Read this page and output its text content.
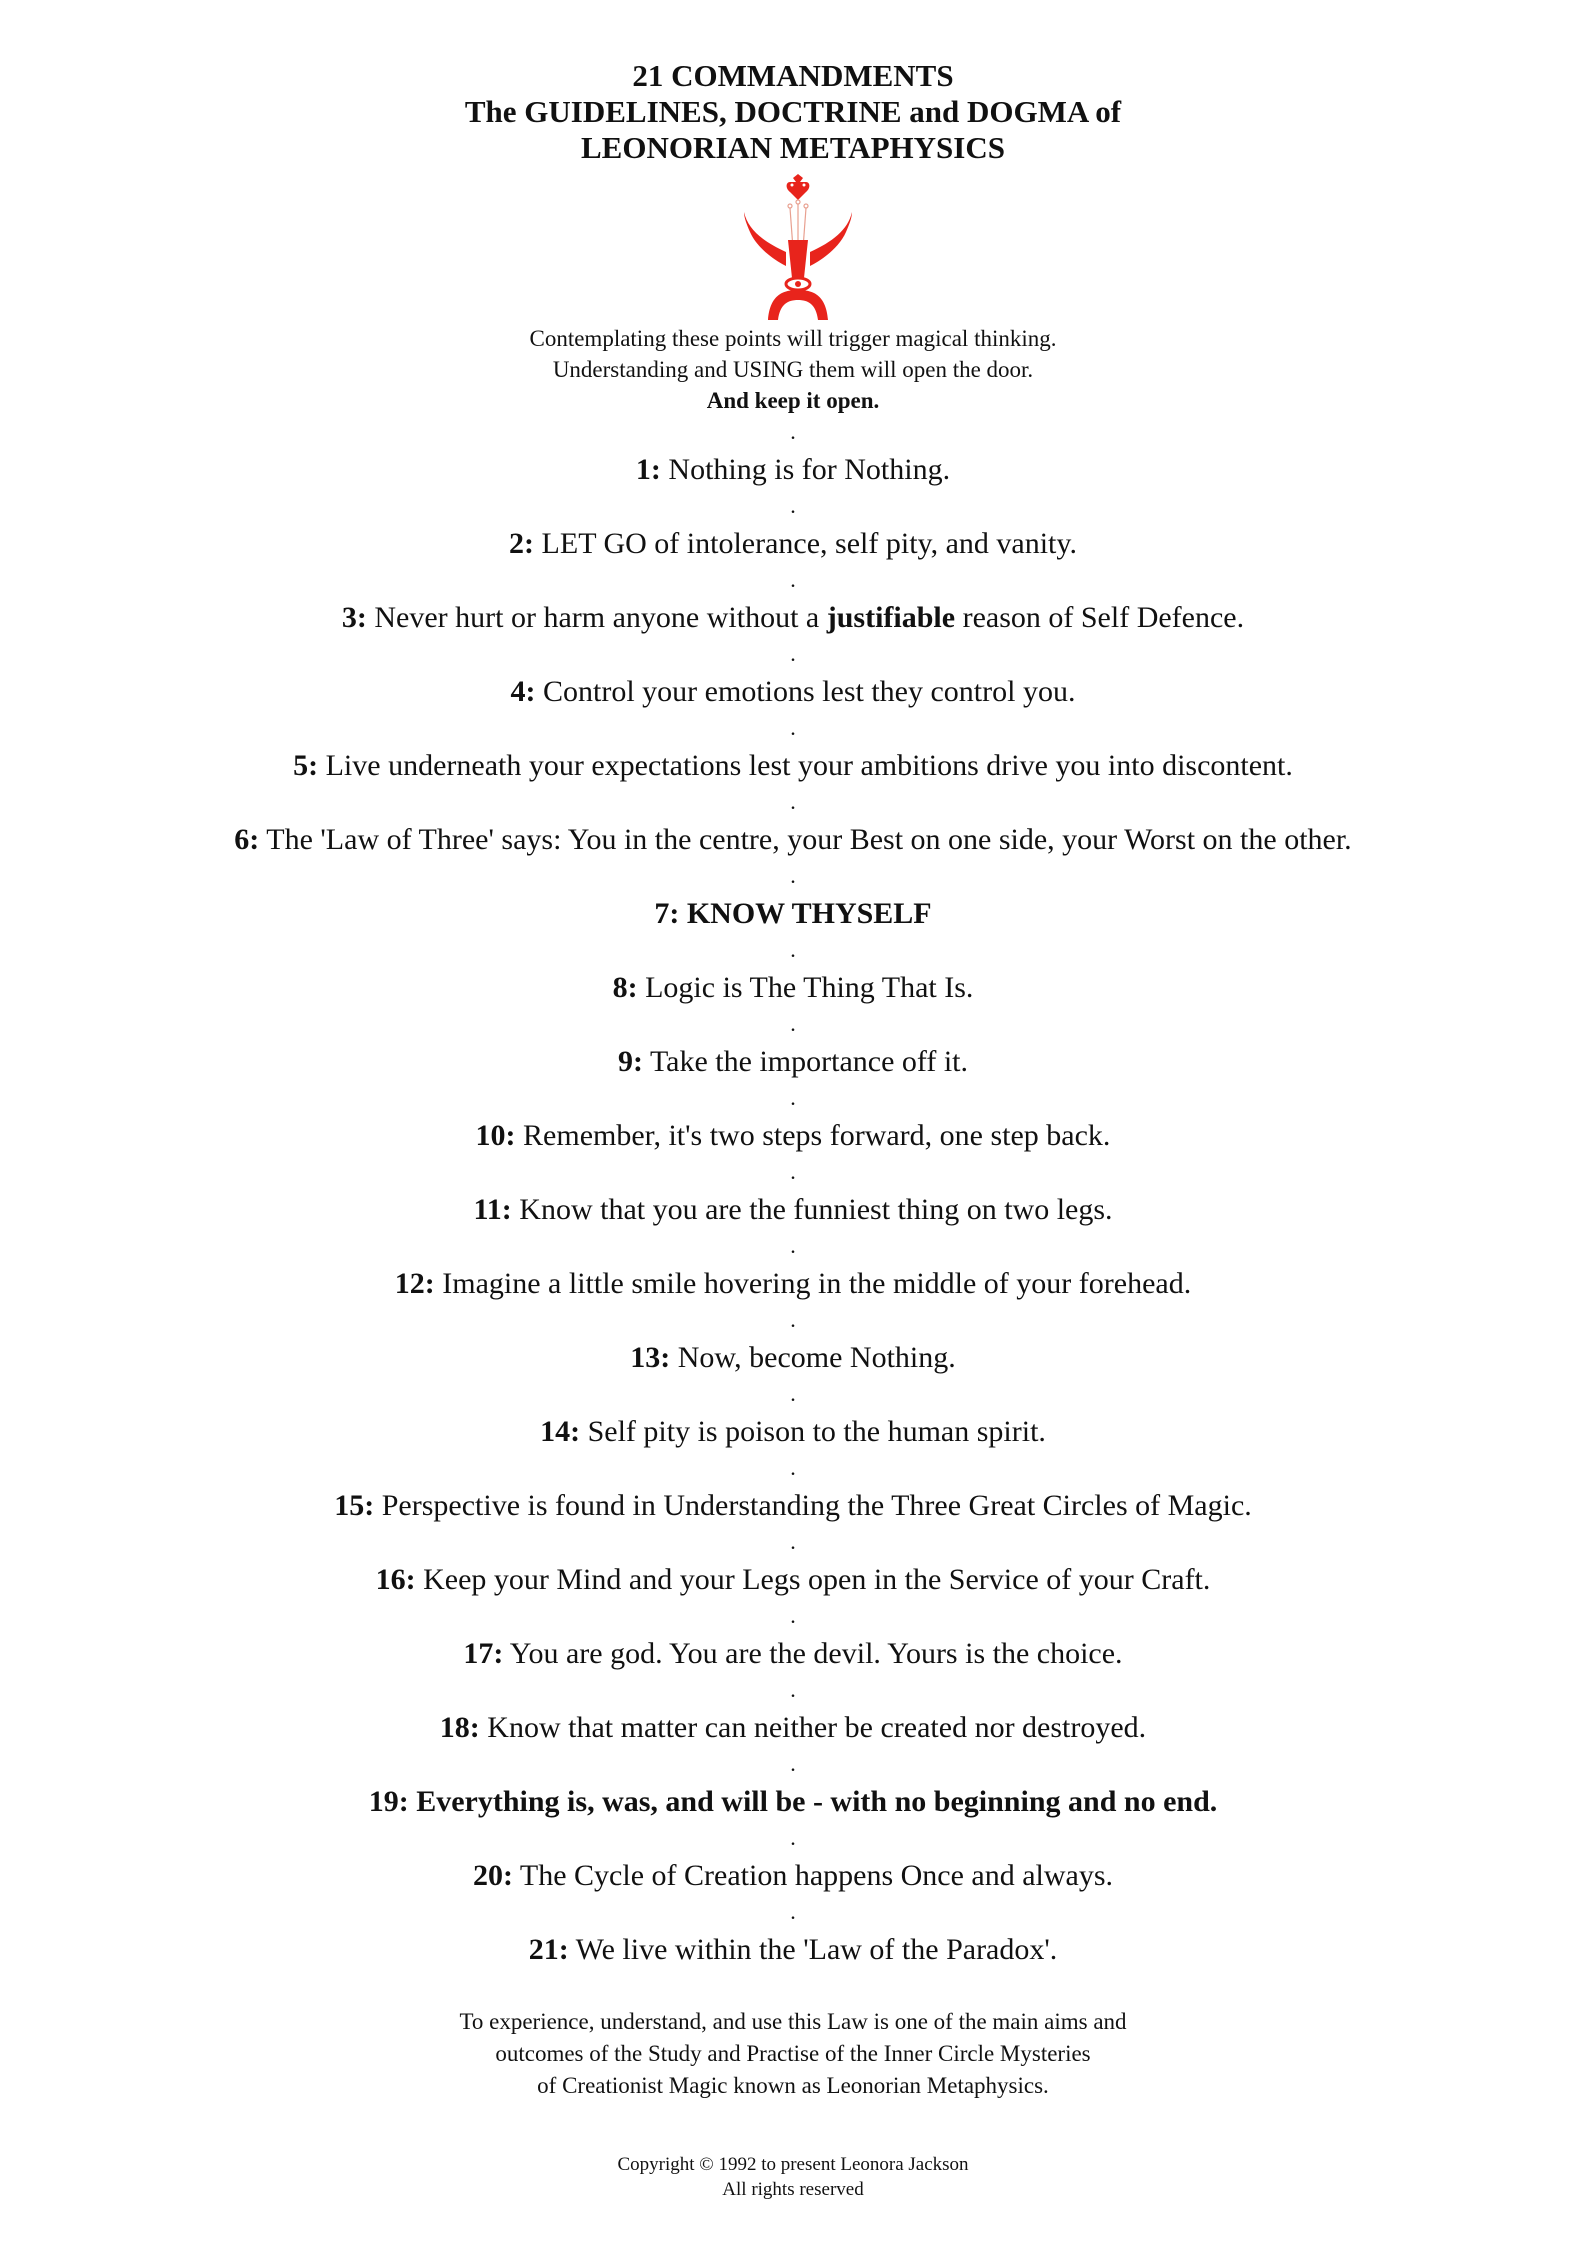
21 COMMANDMENTS
The GUIDELINES, DOCTRINE and DOGMA of
LEONORIAN METAPHYSICS
Contemplating these points will trigger magical thinking.
Understanding and USING them will open the door.
And keep it open.
.
1: Nothing is for Nothing.
.
2: LET GO of intolerance, self pity, and vanity.
.
3: Never hurt or harm anyone without a justifiable reason of Self Defence.
.
4: Control your emotions lest they control you.
.
5: Live underneath your expectations lest your ambitions drive you into discontent.
.
6: The 'Law of Three' says: You in the centre, your Best on one side, your Worst on the other.
.
7: KNOW THYSELF
.
8: Logic is The Thing That Is.
.
9: Take the importance off it.
.
10: Remember, it's two steps forward, one step back.
.
11: Know that you are the funniest thing on two legs.
.
12: Imagine a little smile hovering in the middle of your forehead.
.
13: Now, become Nothing.
.
14: Self pity is poison to the human spirit.
.
15: Perspective is found in Understanding the Three Great Circles of Magic.
.
16: Keep your Mind and your Legs open in the Service of your Craft.
.
17: You are god. You are the devil. Yours is the choice.
.
18: Know that matter can neither be created nor destroyed.
.
19: Everything is, was, and will be - with no beginning and no end.
.
20: The Cycle of Creation happens Once and always.
.
21: We live within the 'Law of the Paradox'.
To experience, understand, and use this Law is one of the main aims and
outcomes of the Study and Practise of the Inner Circle Mysteries
of Creationist Magic known as Leonorian Metaphysics.
Copyright © 1992 to present Leonora Jackson
All rights reserved
